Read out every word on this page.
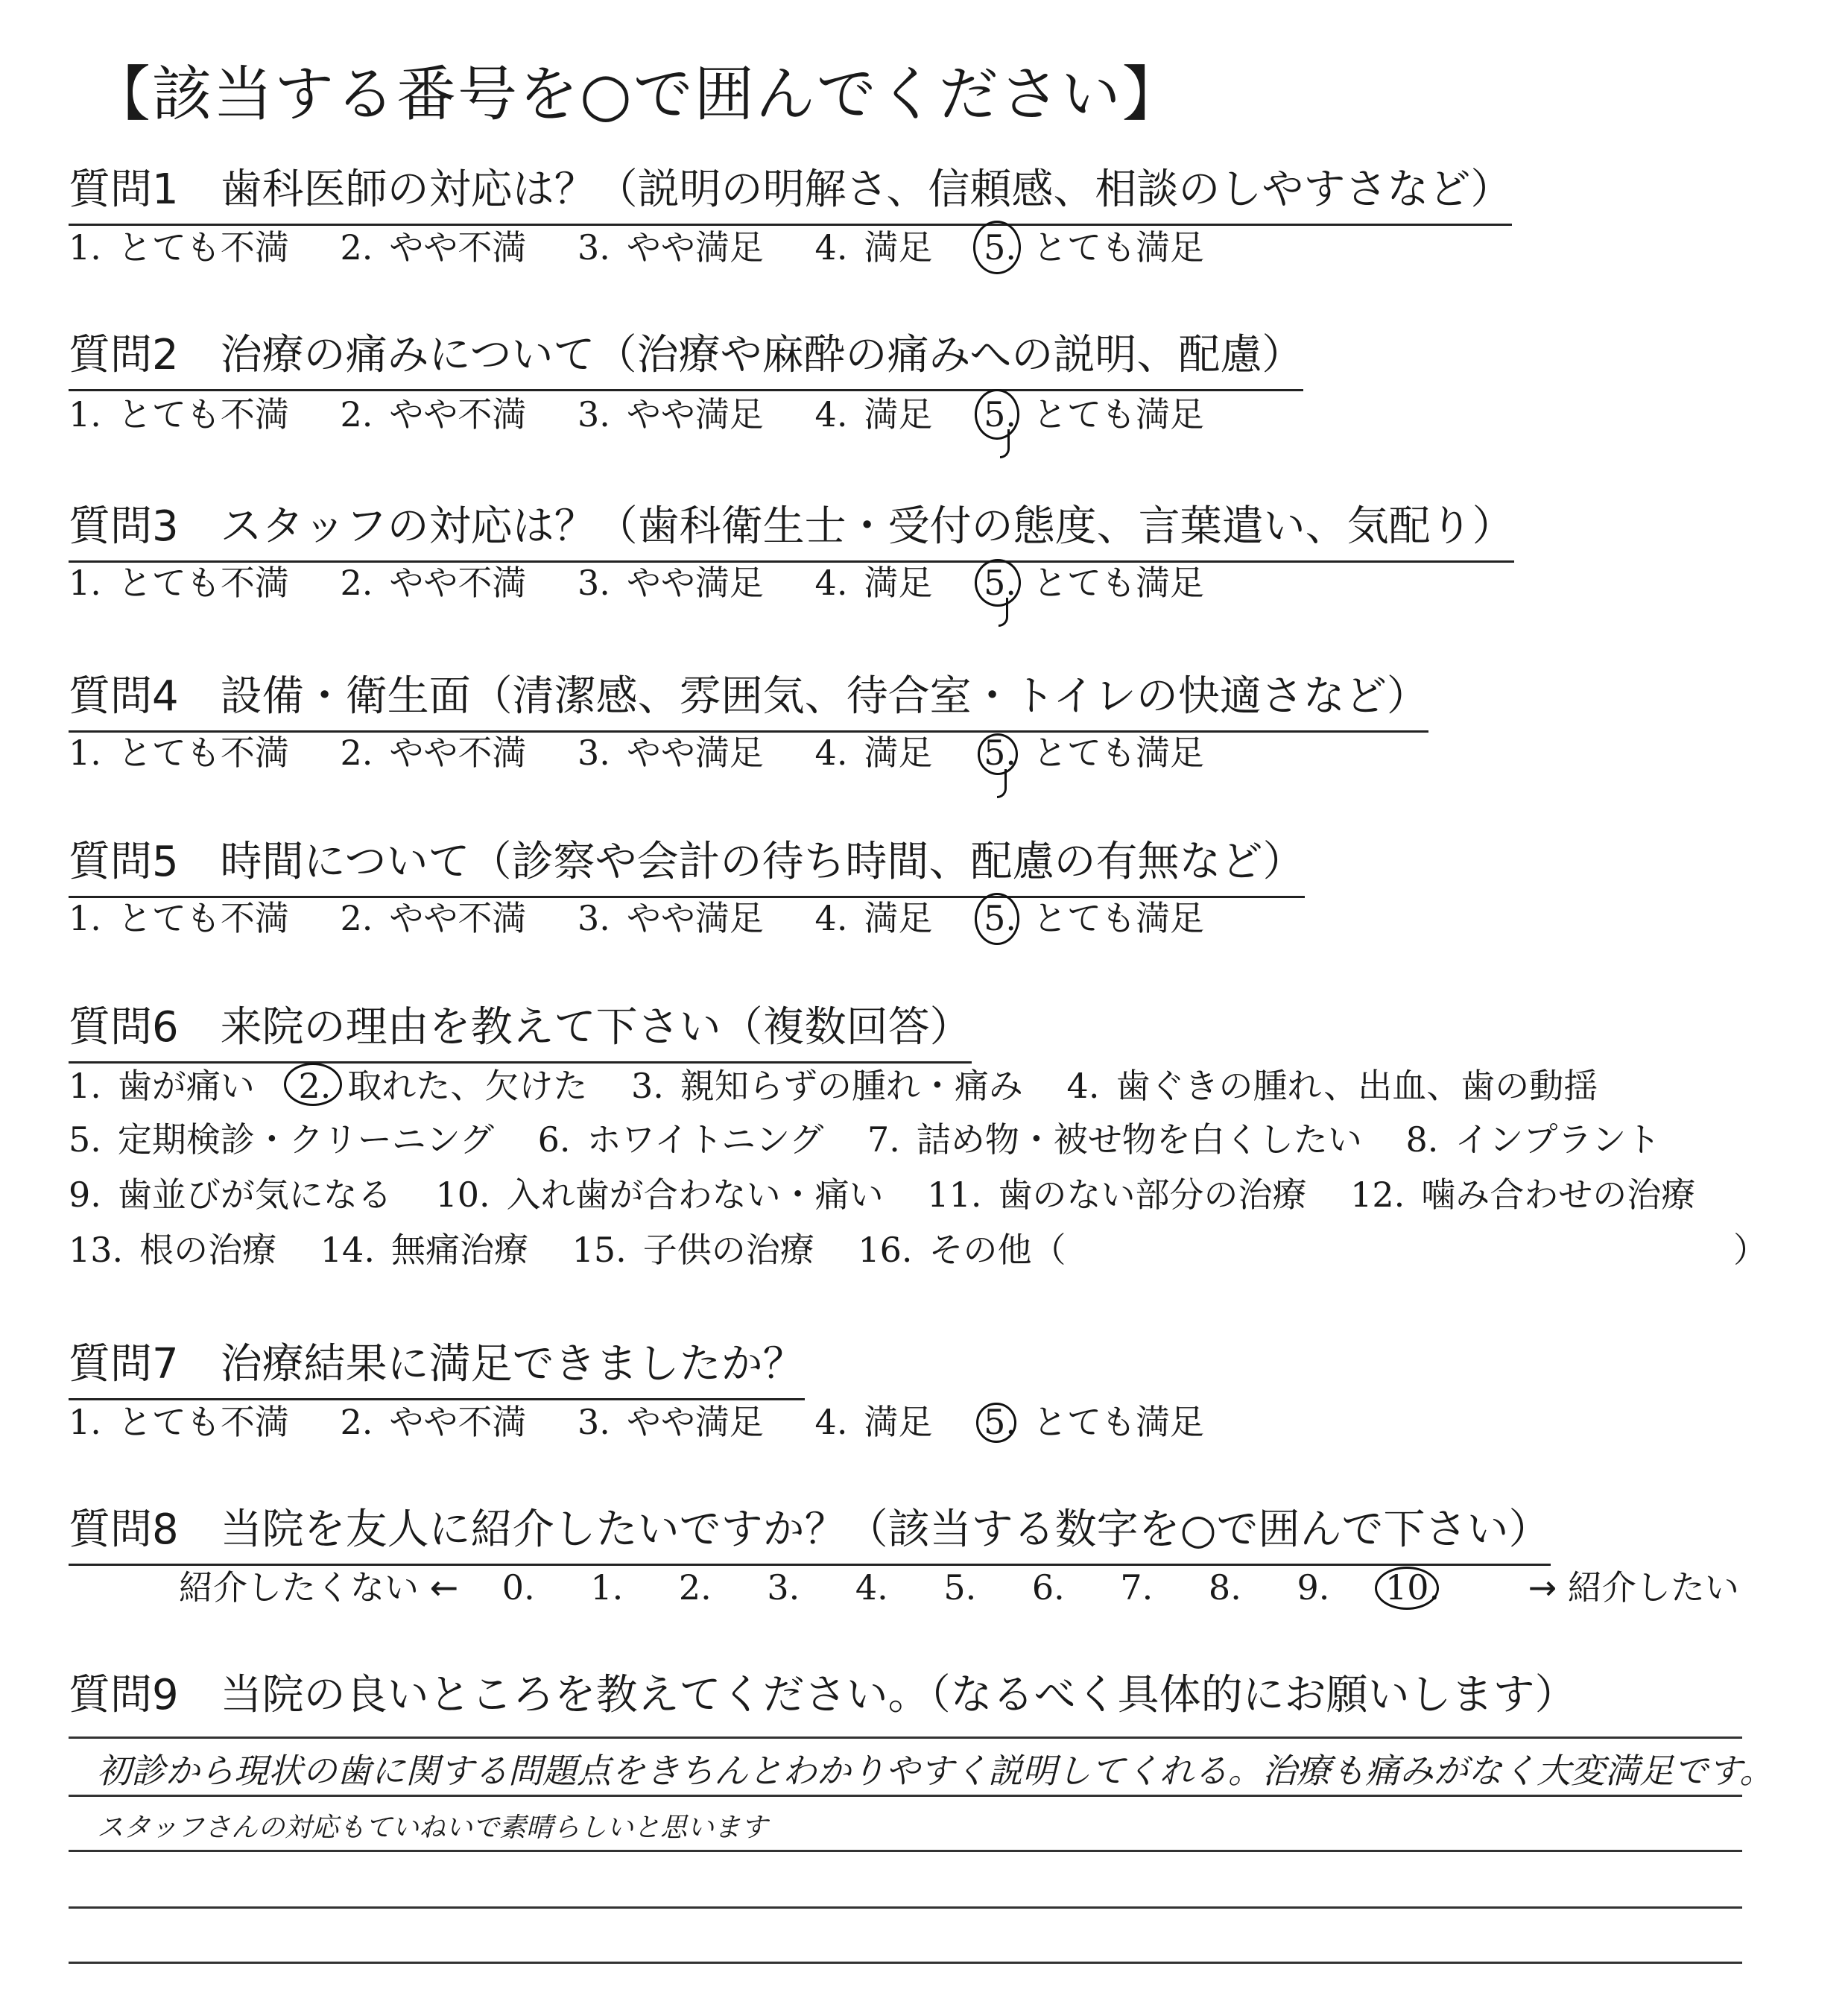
【該当する番号を○で囲んでください】
質問1　歯科医師の対応は？（説明の明解さ、信頼感、相談のしやすさなど）
1. とても不満 2. やや不満 3. やや満足 4. 満足 5. とても満足
質問2　治療の痛みについて（治療や麻酔の痛みへの説明、配慮）
1. とても不満 2. やや不満 3. やや満足 4. 満足 5. とても満足
質問3　スタッフの対応は？（歯科衛生士・受付の態度、言葉遣い、気配り）
1. とても不満 2. やや不満 3. やや満足 4. 満足 5. とても満足
質問4　設備・衛生面（清潔感、雰囲気、待合室・トイレの快適さなど）
1. とても不満 2. やや不満 3. やや満足 4. 満足 5. とても満足
質問5　時間について（診察や会計の待ち時間、配慮の有無など）
1. とても不満 2. やや不満 3. やや満足 4. 満足 5. とても満足
質問6　来院の理由を教えて下さい（複数回答）
1. 歯が痛い 2. 取れた、欠けた 3. 親知らずの腫れ・痛み 4. 歯ぐきの腫れ、出血、歯の動揺
5. 定期検診・クリーニング 6. ホワイトニング 7. 詰め物・被せ物を白くしたい 8. インプラント
9. 歯並びが気になる 10. 入れ歯が合わない・痛い 11. 歯のない部分の治療 12. 噛み合わせの治療
13. 根の治療 14. 無痛治療 15. 子供の治療 16. その他（	）
質問7　治療結果に満足できましたか？
1. とても不満 2. やや不満 3. やや満足 4. 満足 5. とても満足
質問8　当院を友人に紹介したいですか？（該当する数字を○で囲んで下さい）
紹介したくない ← 0. 1. 2. 3. 4. 5. 6. 7. 8. 9. 10.	→ 紹介したい
質問9　当院の良いところを教えてください。（なるべく具体的にお願いします）
初診から現状の歯に関する問題点をきちんとわかりやすく説明してくれる。治療も痛みがなく大変満足です。
スタッフさんの対応もていねいで素晴らしいと思います
